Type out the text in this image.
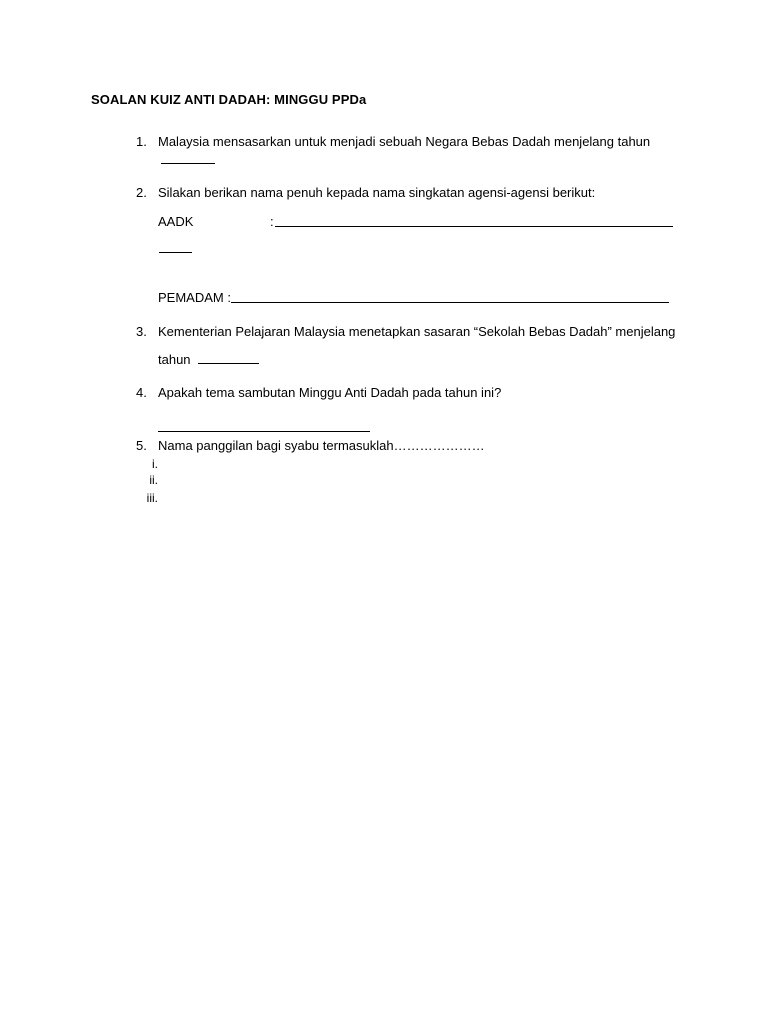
SOALAN KUIZ ANTI DADAH: MINGGU PPDa
1. Malaysia mensasarkan untuk menjadi sebuah Negara Bebas Dadah menjelang tahun
2. Silakan berikan nama penuh kepada nama singkatan agensi-agensi berikut:
AADK	:
PEMADAM :
3. Kementerian Pelajaran Malaysia menetapkan sasaran “Sekolah Bebas Dadah” menjelang
tahun
4. Apakah tema sambutan Minggu Anti Dadah pada tahun ini?
5. Nama panggilan bagi syabu termasuklah…………………
i.
ii.
iii.
